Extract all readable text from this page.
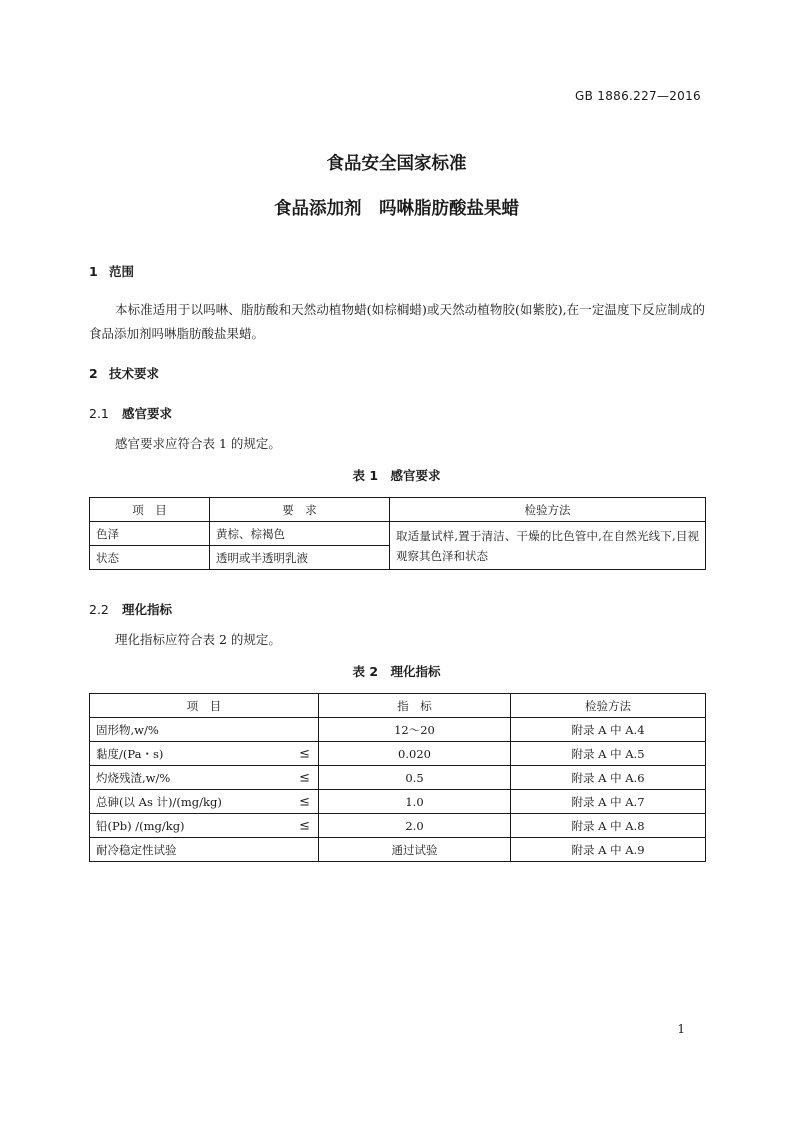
GB 1886.227—2016
食品安全国家标准
食品添加剂　吗啉脂肪酸盐果蜡
1 范围
本标准适用于以吗啉、脂肪酸和天然动植物蜡(如棕榈蜡)或天然动植物胶(如紫胶),在一定温度下反应制成的食品添加剂吗啉脂肪酸盐果蜡。
2 技术要求
2.1 感官要求
感官要求应符合表 1 的规定。
表 1　感官要求
项　目	要　求	检验方法
色泽	黄棕、棕褐色	取适量试样,置于清洁、干燥的比色管中,在自然光线下,目视观察其色泽和状态
状态	透明或半透明乳液	
2.2 理化指标
理化指标应符合表 2 的规定。
表 2　理化指标
项　目	指　标	检验方法
固形物,w/%	12～20	附录 A 中 A.4
黏度/(Pa・s) ≤	0.020	附录 A 中 A.5
灼烧残渣,w/% ≤	0.5	附录 A 中 A.6
总砷(以 As 计)/(mg/kg) ≤	1.0	附录 A 中 A.7
铅(Pb) /(mg/kg) ≤	2.0	附录 A 中 A.8
耐冷稳定性试验	通过试验	附录 A 中 A.9
1
